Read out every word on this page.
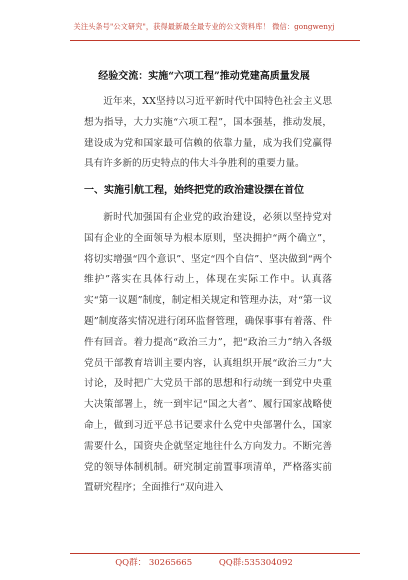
关注头条号"公文研究"，获得最新最全最专业的公文资料库！ 微信：gongwenyj
经验交流：实施“六项工程”推动党建高质量发展

近年来，XX坚持以习近平新时代中国特色社会主义思想为指导，大力实施“六项工程”，国本强基，推动发展，建设成为党和国家最可信赖的依靠力量，成为我们党赢得具有许多新的历史特点的伟大斗争胜利的重要力量。

一、实施引航工程，始终把党的政治建设摆在首位

新时代加强国有企业党的政治建设，必须以坚持党对国有企业的全面领导为根本原则，坚决拥护“两个确立”，将切实增强“四个意识”、坚定“四个自信”、坚决做到“两个维护”落实在具体行动上，体现在实际工作中。认真落实“第一议题”制度，制定相关规定和管理办法，对“第一议题”制度落实情况进行闭环监督管理，确保事事有着落、件件有回音。着力提高“政治三力”，把“政治三力”纳入各级党员干部教育培训主要内容，认真组织开展“政治三力”大讨论，及时把广大党员干部的思想和行动统一到党中央重大决策部署上，统一到牢记“国之大者”、履行国家战略使命上，做到习近平总书记要求什么党中央部署什么，国家需要什么，国资央企就坚定地往什么方向发力。不断完善党的领导体制机制。研究制定前置事项清单，严格落实前置研究程序；全面推行“双向进入

QQ群： 30265665	QQ群:535304092
